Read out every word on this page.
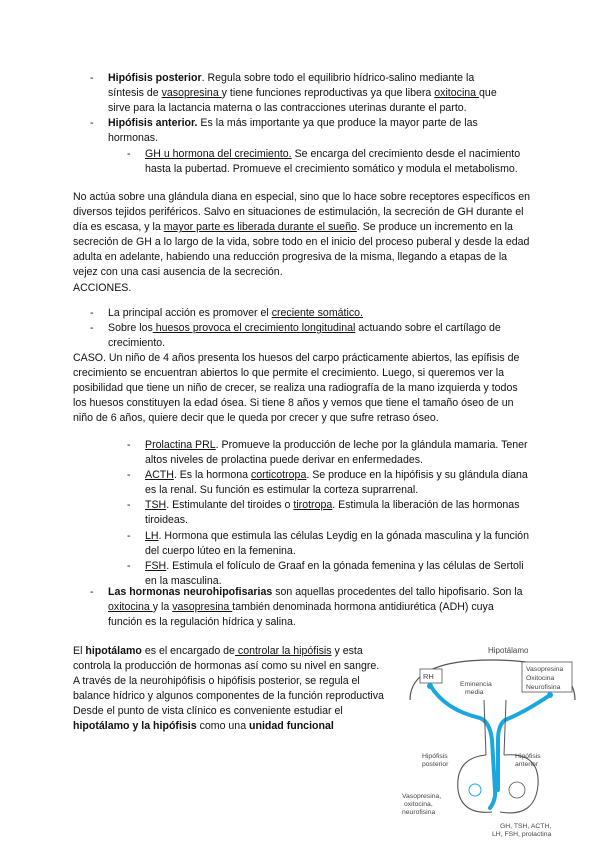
- Hipófisis posterior. Regula sobre todo el equilibrio hídrico-salino mediante la síntesis de vasopresina y tiene funciones reproductivas ya que libera oxitocina que sirve para la lactancia materna o las contracciones uterinas durante el parto.

- Hipófisis anterior. Es la más importante ya que produce la mayor parte de las hormonas.

- GH u hormona del crecimiento. Se encarga del crecimiento desde el nacimiento hasta la pubertad. Promueve el crecimiento somático y modula el metabolismo.

No actúa sobre una glándula diana en especial, sino que lo hace sobre receptores específicos en diversos tejidos periféricos. Salvo en situaciones de estimulación, la secreción de GH durante el día es escasa, y la mayor parte es liberada durante el sueño. Se produce un incremento en la secreción de GH a lo largo de la vida, sobre todo en el inicio del proceso puberal y desde la edad adulta en adelante, habiendo una reducción progresiva de la misma, llegando a etapas de la vejez con una casi ausencia de la secreción.

ACCIONES.

- La principal acción es promover el creciente somático.

- Sobre los huesos provoca el crecimiento longitudinal actuando sobre el cartílago de crecimiento.

CASO. Un niño de 4 años presenta los huesos del carpo prácticamente abiertos, las epífisis de crecimiento se encuentran abiertos lo que permite el crecimiento. Luego, si queremos ver la posibilidad que tiene un niño de crecer, se realiza una radiografía de la mano izquierda y todos los huesos constituyen la edad ósea. Si tiene 8 años y vemos que tiene el tamaño óseo de un niño de 6 años, quiere decir que le queda por crecer y que sufre retraso óseo.

- Prolactina PRL. Promueve la producción de leche por la glándula mamaria. Tener altos niveles de prolactina puede derivar en enfermedades.

- ACTH. Es la hormona corticotropa. Se produce en la hipófisis y su glándula diana es la renal. Su función es estimular la corteza suprarrenal.

- TSH. Estimulante del tiroides o tirotropa. Estimula la liberación de las hormonas tiroideas.

- LH. Hormona que estimula las células Leydig en la gónada masculina y la función del cuerpo lúteo en la femenina.

- FSH. Estimula el folículo de Graaf en la gónada femenina y las células de Sertoli en la masculina.

- Las hormonas neurohipofisarias son aquellas procedentes del tallo hipofisario. Son la oxitocina y la vasopresina también denominada hormona antidiurética (ADH) cuya función es la regulación hídrica y salina.

El hipotálamo es el encargado de controlar la hipófisis y esta controla la producción de hormonas así como su nivel en sangre.

A través de la neurohipófisis o hipófisis posterior, se regula el balance hídrico y algunos componentes de la función reproductiva

Desde el punto de vista clínico es conveniente estudiar el hipotálamo y la hipófisis como una unidad funcional

Hipotálamo
RH
Vasopresina
Oxitocina
Neurofisina
Eminencia
media
Hipófisis
posterior
Hipófisis
anterior
Vasopresina,
oxitocina,
neurofisina
GH, TSH, ACTH,
LH, FSH, prolactina
